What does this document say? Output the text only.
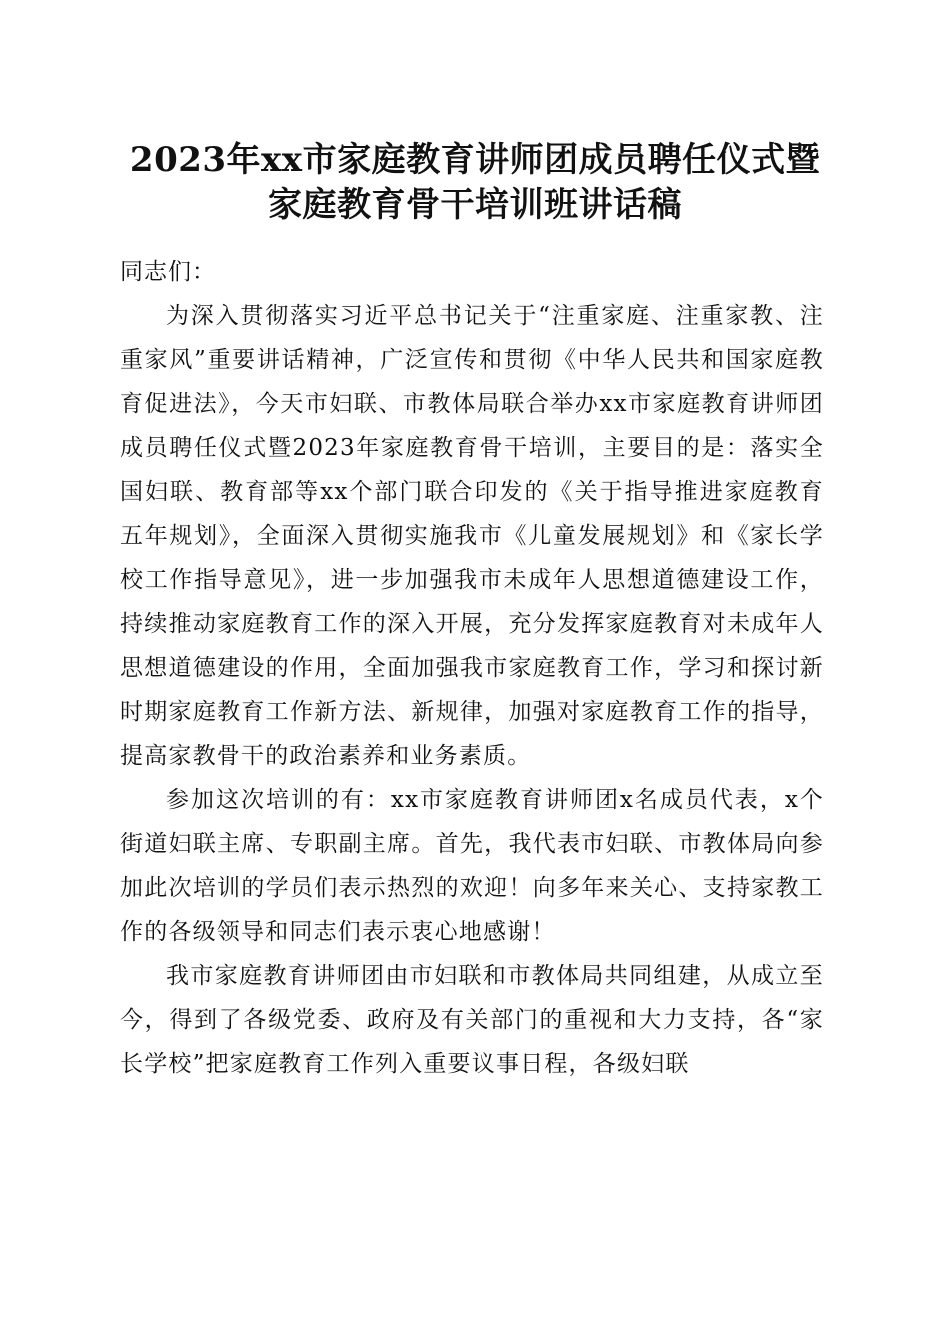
2023年xx市家庭教育讲师团成员聘任仪式暨
家庭教育骨干培训班讲话稿

同志们：

为深入贯彻落实习近平总书记关于“注重家庭、注重家教、注重家风”重要讲话精神，广泛宣传和贯彻《中华人民共和国家庭教育促进法》，今天市妇联、市教体局联合举办xx市家庭教育讲师团成员聘任仪式暨2023年家庭教育骨干培训，主要目的是：落实全国妇联、教育部等xx个部门联合印发的《关于指导推进家庭教育五年规划》，全面深入贯彻实施我市《儿童发展规划》和《家长学校工作指导意见》，进一步加强我市未成年人思想道德建设工作，持续推动家庭教育工作的深入开展，充分发挥家庭教育对未成年人思想道德建设的作用，全面加强我市家庭教育工作，学习和探讨新时期家庭教育工作新方法、新规律，加强对家庭教育工作的指导，提高家教骨干的政治素养和业务素质。

参加这次培训的有：xx市家庭教育讲师团x名成员代表，x个街道妇联主席、专职副主席。首先，我代表市妇联、市教体局向参加此次培训的学员们表示热烈的欢迎！向多年来关心、支持家教工作的各级领导和同志们表示衷心地感谢！

我市家庭教育讲师团由市妇联和市教体局共同组建，从成立至今，得到了各级党委、政府及有关部门的重视和大力支持，各“家长学校”把家庭教育工作列入重要议事日程，各级妇联
